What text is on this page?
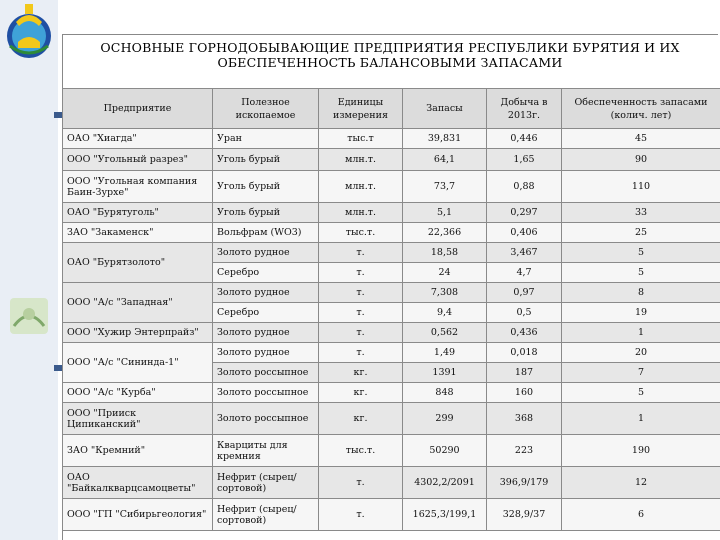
ОСНОВНЫЕ ГОРНОДОБЫВАЮЩИЕ ПРЕДПРИЯТИЯ РЕСПУБЛИКИ БУРЯТИЯ И ИХ ОБЕСПЕЧЕННОСТЬ БАЛАНСОВЫМИ ЗАПАСАМИ
Предприятие	Полезное ископаемое	Единицы измерения	Запасы	Добыча в 2013г.	Обеспеченность запасами (колич. лет)
ОАО "Хиагда"	Уран	тыс.т	39,831	0,446	45
ООО "Угольный разрез"	Уголь бурый	млн.т.	64,1	1,65	90
ООО "Угольная компания Баин-Зурхе"	Уголь бурый	млн.т.	73,7	0,88	110
ОАО "Бурятуголь"	Уголь бурый	млн.т.	5,1	0,297	33
ЗАО "Закаменск"	Вольфрам (WO3)	тыс.т.	22,366	0,406	25
ОАО "Бурятзолото"	Золото рудное	т.	18,58	3,467	5
	Серебро	т.	24	4,7	5
ООО "А/с "Западная"	Золото рудное	т.	7,308	0,97	8
	Серебро	т.	9,4	0,5	19
ООО "Хужир Энтерпрайз"	Золото рудное	т.	0,562	0,436	1
ООО "А/с "Сининда-1"	Золото рудное	т.	1,49	0,018	20
	Золото россыпное	кг.	1391	187	7
ООО "А/с "Курба"	Золото россыпное	кг.	848	160	5
ООО "Прииск Ципиканский"	Золото россыпное	кг.	299	368	1
ЗАО "Кремний"	Кварциты для кремния	тыс.т.	50290	223	190
ОАО "Байкалкварцсамоцветы"	Нефрит (сырец/сортовой)	т.	4302,2/2091	396,9/179	12
ООО "ГП "Сибирьгеология"	Нефрит (сырец/сортовой)	т.	1625,3/199,1	328,9/37	6
